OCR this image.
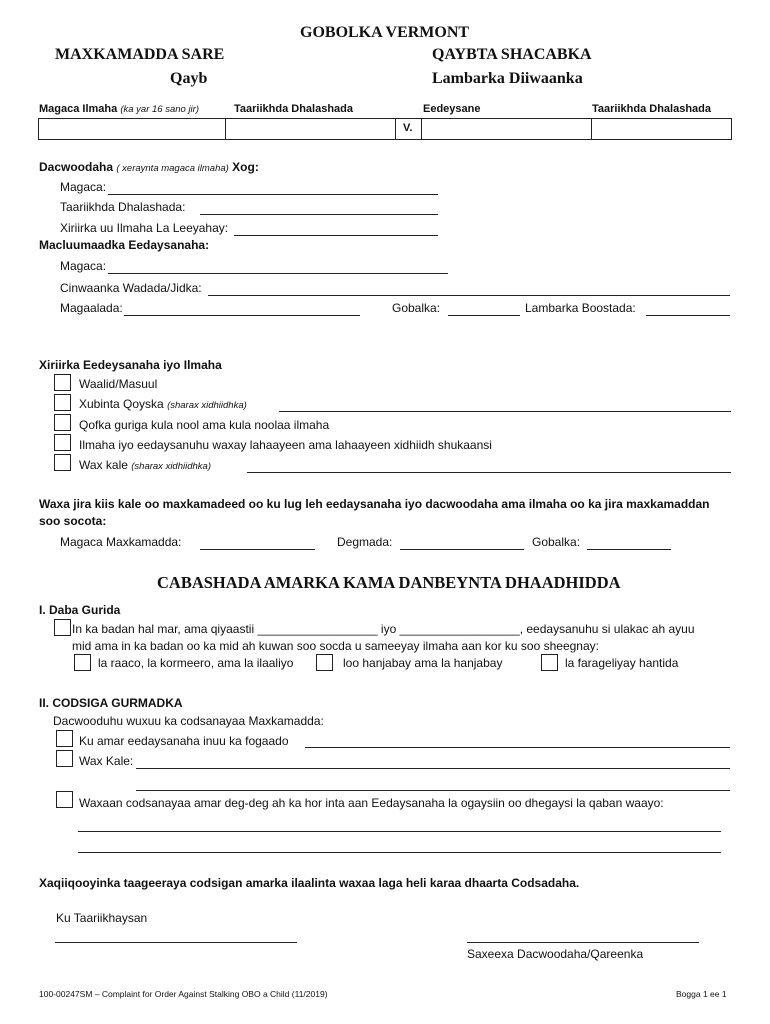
GOBOLKA VERMONT
MAXKAMADDA SARE	QAYBTA SHACABKA
Qayb	Lambarka Diiwaanka
Magaca Ilmaha (ka yar 16 sano jir)	Taariikhda Dhalashada	Eedeysane	Taariikhda Dhalashada
V.
Dacwoodaha ( xeraynta magaca ilmaha) Xog:
Magaca:
Taariikhda Dhalashada:
Xiriirka uu Ilmaha La Leeyahay:
Macluumaadka Eedaysanaha:
Magaca:
Cinwaanka Wadada/Jidka:
Magaalada:	Gobalka:	Lambarka Boostada:
Xiriirka Eedeysanaha iyo Ilmaha
Waalid/Masuul
Xubinta Qoyska (sharax xidhiidhka)
Qofka guriga kula nool ama kula noolaa ilmaha
Ilmaha iyo eedaysanuhu waxay lahaayeen ama lahaayeen xidhiidh shukaansi
Wax kale (sharax xidhiidhka)
Waxa jira kiis kale oo maxkamadeed oo ku lug leh eedaysanaha iyo dacwoodaha ama ilmaha oo ka jira maxkamaddan
soo socota:
Magaca Maxkamadda:	Degmada:	Gobalka:
CABASHADA AMARKA KAMA DANBEYNTA DHAADHIDDA
I. Daba Gurida
In ka badan hal mar, ama qiyaastii __________________ iyo __________________, eedaysanuhu si ulakac ah ayuu
mid ama in ka badan oo ka mid ah kuwan soo socda u sameeyay ilmaha aan kor ku soo sheegnay:
la raaco, la kormeero, ama la ilaaliyo	loo hanjabay ama la hanjabay	la farageliyay hantida
II. CODSIGA GURMADKA
Dacwooduhu wuxuu ka codsanayaa Maxkamadda:
Ku amar eedaysanaha inuu ka fogaado
Wax Kale:
Waxaan codsanayaa amar deg-deg ah ka hor inta aan Eedaysanaha la ogaysiin oo dhegaysi la qaban waayo:
Xaqiiqooyinka taageeraya codsigan amarka ilaalinta waxaa laga heli karaa dhaarta Codsadaha.
Ku Taariikhaysan
Saxeexa Dacwoodaha/Qareenka
100-00247SM – Complaint for Order Against Stalking OBO a Child (11/2019)	Bogga 1 ee 1
